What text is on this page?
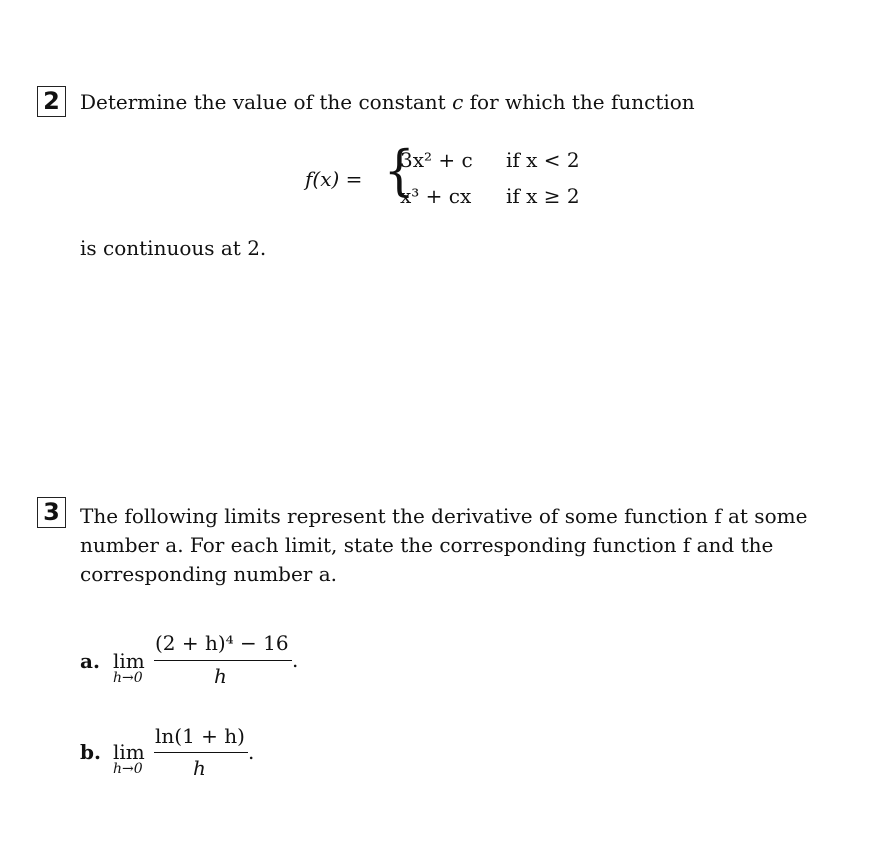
2	Determine the value of the constant c for which the function
f(x) = {
3x² + c if x < 2
x³ + cx if x ≥ 2
is continuous at 2.
3	The following limits represent the derivative of some function f at some
number a. For each limit, state the corresponding function f and the
corresponding number a.
a. lim
h→0
(2 + h)⁴ − 16
h
.
b. lim
h→0
ln(1 + h)
h
.
